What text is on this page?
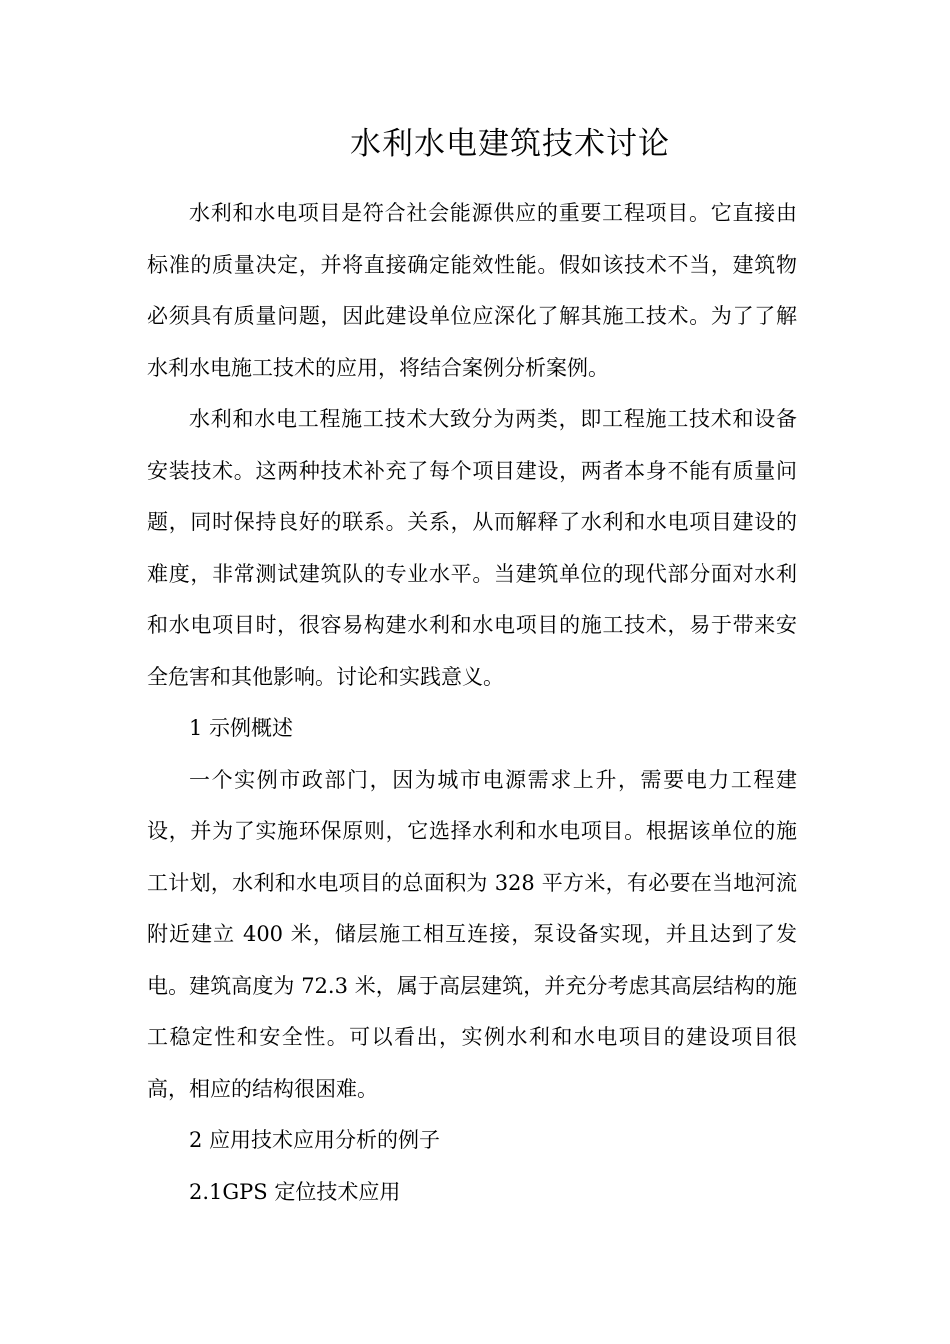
水利水电建筑技术讨论

水利和水电项目是符合社会能源供应的重要工程项目。它直接由标准的质量决定，并将直接确定能效性能。假如该技术不当，建筑物必须具有质量问题，因此建设单位应深化了解其施工技术。为了了解水利水电施工技术的应用，将结合案例分析案例。

水利和水电工程施工技术大致分为两类，即工程施工技术和设备安装技术。这两种技术补充了每个项目建设，两者本身不能有质量问题，同时保持良好的联系。关系，从而解释了水利和水电项目建设的难度，非常测试建筑队的专业水平。当建筑单位的现代部分面对水利和水电项目时，很容易构建水利和水电项目的施工技术，易于带来安全危害和其他影响。讨论和实践意义。

1 示例概述

一个实例市政部门，因为城市电源需求上升，需要电力工程建设，并为了实施环保原则，它选择水利和水电项目。根据该单位的施工计划，水利和水电项目的总面积为 328 平方米，有必要在当地河流附近建立 400 米，储层施工相互连接，泵设备实现，并且达到了发电。建筑高度为 72.3 米，属于高层建筑，并充分考虑其高层结构的施工稳定性和安全性。可以看出，实例水利和水电项目的建设项目很高，相应的结构很困难。

2 应用技术应用分析的例子

2.1GPS 定位技术应用
